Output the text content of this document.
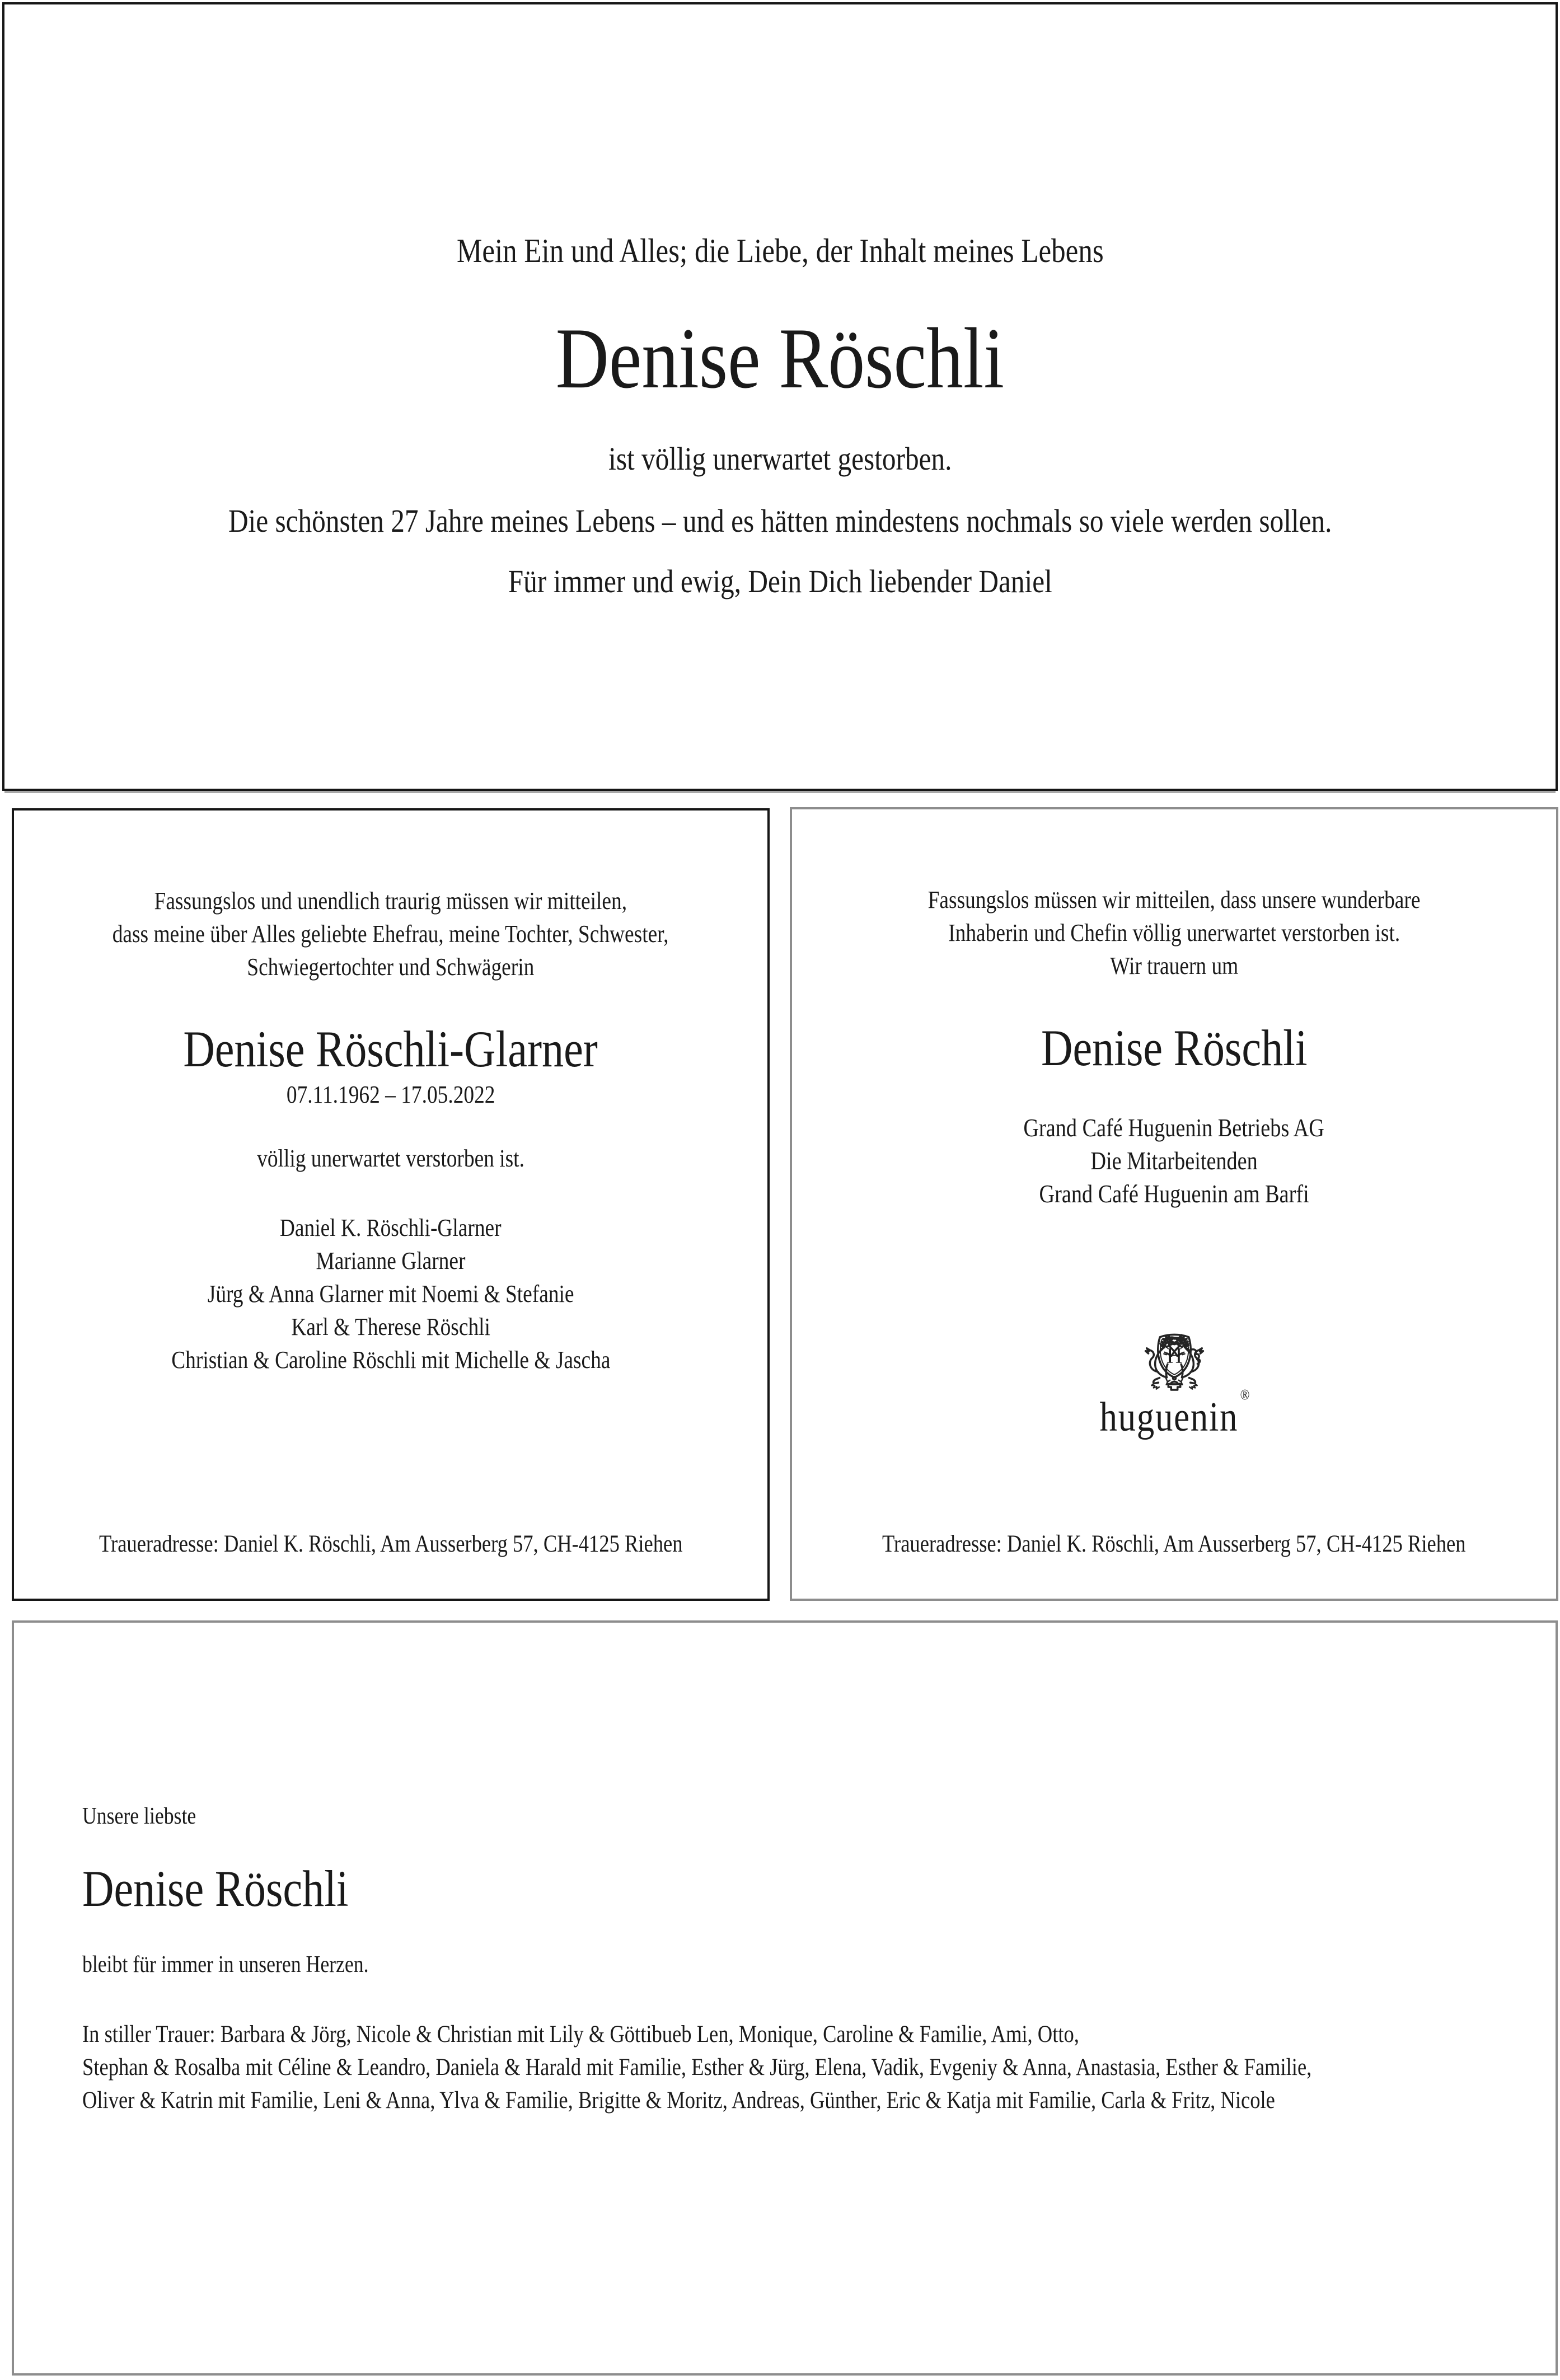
Mein Ein und Alles; die Liebe, der Inhalt meines Lebens
Denise Röschli
ist völlig unerwartet gestorben.
Die schönsten 27 Jahre meines Lebens – und es hätten mindestens nochmals so viele werden sollen.
Für immer und ewig, Dein Dich liebender Daniel
Fassungslos und unendlich traurig müssen wir mitteilen,
dass meine über Alles geliebte Ehefrau, meine Tochter, Schwester,
Schwiegertochter und Schwägerin
Denise Röschli-Glarner
07.11.1962 – 17.05.2022
völlig unerwartet verstorben ist.
Daniel K. Röschli-Glarner
Marianne Glarner
Jürg & Anna Glarner mit Noemi & Stefanie
Karl & Therese Röschli
Christian & Caroline Röschli mit Michelle & Jascha
Traueradresse: Daniel K. Röschli, Am Ausserberg 57, CH-4125 Riehen
Fassungslos müssen wir mitteilen, dass unsere wunderbare
Inhaberin und Chefin völlig unerwartet verstorben ist.
Wir trauern um
Denise Röschli
Grand Café Huguenin Betriebs AG
Die Mitarbeitenden
Grand Café Huguenin am Barfi
H
huguenin ®
Traueradresse: Daniel K. Röschli, Am Ausserberg 57, CH-4125 Riehen
Unsere liebste
Denise Röschli
bleibt für immer in unseren Herzen.
In stiller Trauer: Barbara & Jörg, Nicole & Christian mit Lily & Göttibueb Len, Monique, Caroline & Familie, Ami, Otto,
Stephan & Rosalba mit Céline & Leandro, Daniela & Harald mit Familie, Esther & Jürg, Elena, Vadik, Evgeniy & Anna, Anastasia, Esther & Familie,
Oliver & Katrin mit Familie, Leni & Anna, Ylva & Familie, Brigitte & Moritz, Andreas, Günther, Eric & Katja mit Familie, Carla & Fritz, Nicole
